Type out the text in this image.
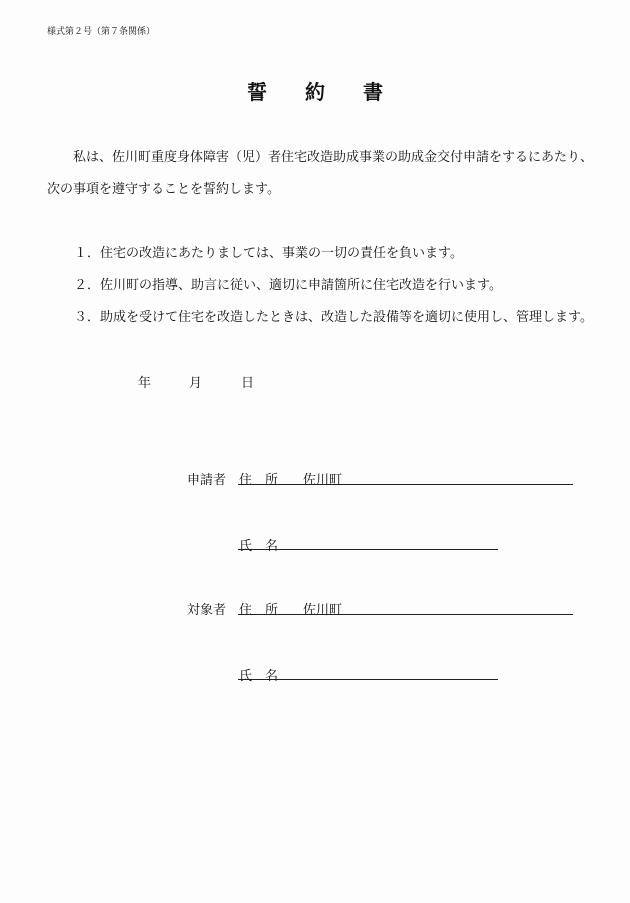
様式第２号（第７条関係）
誓約書
私は、佐川町重度身体障害（児）者住宅改造助成事業の助成金交付申請をするにあたり、
次の事項を遵守することを誓約します。
１．住宅の改造にあたりましては、事業の一切の責任を負います。
２．佐川町の指導、助言に従い、適切に申請箇所に住宅改造を行います。
３．助成を受けて住宅を改造したときは、改造した設備等を適切に使用し、管理します。
年	月	日
申請者 住　所 佐川町
氏　名
対象者 住　所 佐川町
氏　名
